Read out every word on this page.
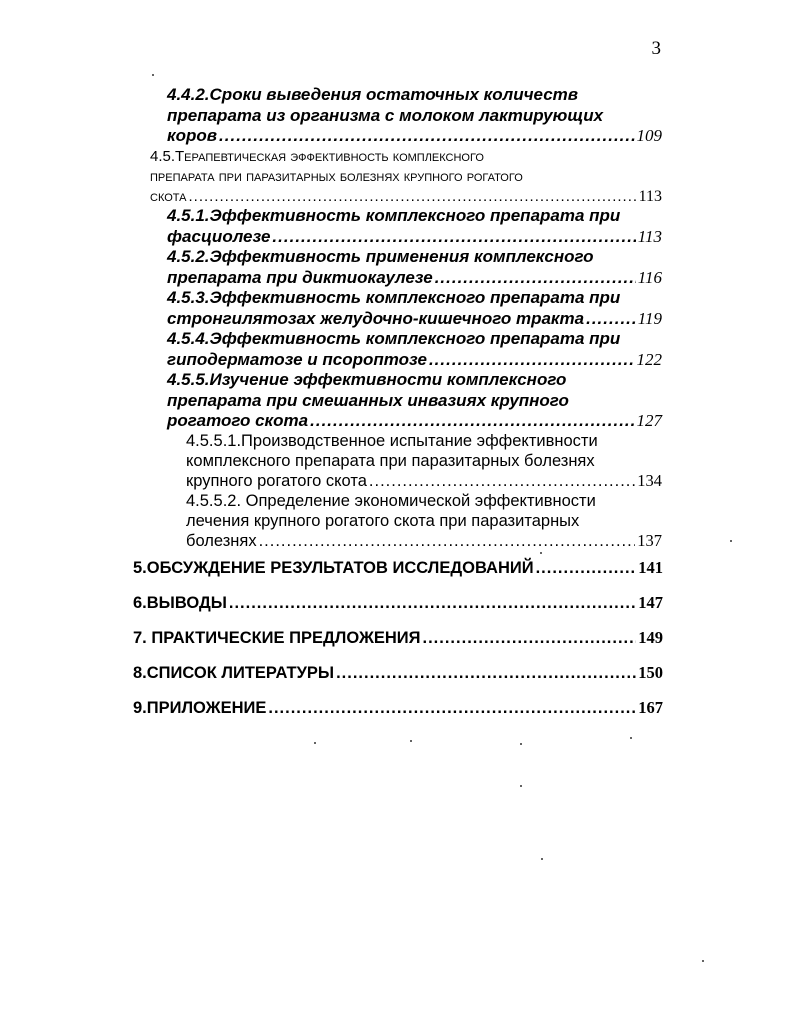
3
4.4.2.Сроки выведения остаточных количеств
препарата из организма с молоком лактирующих
коров .....	109
4.5.Терапевтическая эффективность комплексного
препарата при паразитарных болезнях крупного рогатого
скота .....	113
4.5.1.Эффективность комплексного препарата при
фасциолезе .....	113
4.5.2.Эффективность применения комплексного
препарата при диктиокаулезе .....	116
4.5.3.Эффективность комплексного препарата при
стронгилятозах желудочно-кишечного тракта .....	119
4.5.4.Эффективность комплексного препарата при
гиподерматозе и псороптозе .....	122
4.5.5.Изучение эффективности комплексного
препарата при смешанных инвазиях крупного
рогатого скота .....	127
4.5.5.1.Производственное испытание эффективности
комплексного препарата при паразитарных болезнях
крупного рогатого скота .....	134
4.5.5.2. Определение экономической эффективности
лечения крупного рогатого скота при паразитарных
болезнях .....	137
5.ОБСУЖДЕНИЕ РЕЗУЛЬТАТОВ ИССЛЕДОВАНИЙ .....	141
6.ВЫВОДЫ .....	147
7. ПРАКТИЧЕСКИЕ ПРЕДЛОЖЕНИЯ .....	149
8.СПИСОК ЛИТЕРАТУРЫ .....	150
9.ПРИЛОЖЕНИЕ .....	167
